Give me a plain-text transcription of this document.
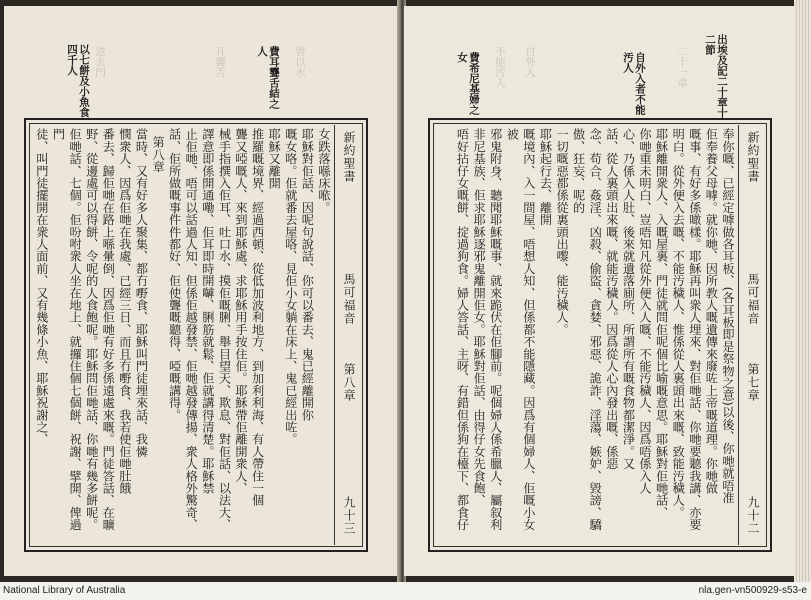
以七餅及小魚食四千人	費耳聾舌結之人
道去門	曾以水
耳聾舌
新約聖書
馬可福音
第八章
九十三
女跌落喺床𠵱。
耶穌對佢話、因呢句說話、你可以番去、鬼已經離開你
嘅女咯。佢就番去屋咯、見佢小女躺在床上、鬼已經出咗。
耶穌又離開
推羅嘅境界、經過西頓、從低加波利地方、到加利利海、有人帶住一個
聾又啞嘅人、來到耶穌處、求耶穌用手按住佢。耶穌帶佢離開衆人、
械手指撰入佢耳、吐口水、摸佢嘅脷、舉目望天、欺息、對佢話、以法大、
譯意即係開通嘞、佢耳即時開嚹、脷筋就鬆、佢就講得清楚。耶穌禁
止佢哋、唔可以話過人知、但係佢越發禁、佢哋越發傳揚、衆人格外驚奇、
話、佢所做嘅事件件都好、佢使聾嘅聽得、啞嘅講得。
第八章
當時、又有好多人聚集、都冇嘢食、耶穌叫門徒埋來話、我憐
憫衆人、因爲佢哋在我處、已經三日、而且冇嘢食、我若使佢哋肚餓
番去、歸佢哋在路上喺暈倒、因爲佢哋有好多係遠處來嘅。門徒答話、在曠
野、從邊處可以得餅、令呢的人食飽呢。耶穌問佢哋話、你哋有幾多餅呢。
佢哋話、七個。佢吩咐衆人坐在地上、就攞住個七個餅、祝謝、擘開、俾過門
徒、叫門徒擺開在衆人面前、又有幾條小魚、耶穌祝謝之、
出埃及記二十章十二節
自外入者不能汚人
費希尼基婦之女	二十一章
自外入
不能汚人
新約聖書
馬可福音
第七章
九十二
奉你嘅、已經定嘑做各耳板、(各耳板即是祭物之意)以後、你哋就唔准
佢奉養父母嘑。就你哋、因所教人嘅遺傳來廢咗上帝嘅道理。你哋做
嘅事、有好多係噉樣。耶穌再叫衆人埋來、對佢哋話、你哋要聽我講、亦要
明白。從外便入去嘅、不能汚穢人、惟係從人裏頭出來嘅、致能汚穢人。
耶穌離開衆人、入嘅屋裏、門徒就問佢呢個比喻嘅意思。耶穌對佢哋話、
你哋重未明白、豈唔知凡從外便入人嘅、不能汚穢人、因爲唔係入人
心、乃係入人肚、後來就遺落廁所、所謂所有嘅食物都潔淨。又
話、從人裏頭出來嘅、就能汚穢人。因爲從人心內發出嘅、係惡
念、苟合、姦淫、凶殺、偷盜、貪婪、邪惡、詭詐、淫蕩、嫉妒、毀謗、驕傲、狂妄、呢的
一切嘅惡都係從裏頭出嚟、能汚穢人。
耶穌起行去、離開
嘅境內、入一間屋、唔想人知、但係都不能隱藏。因爲有個婦人、佢嘅小女被
邪鬼附身、聽聞耶穌嘅事、就來跪伏在佢腳前。呢個婦人係希臘人、屬叙利
非尼基族、佢求耶穌逐邪鬼離開佢女。耶穌對佢話、由得仔女先食飽、
唔好拈仔女嘅餅、掟過狗食。婦人答話、主呀、有錯但係狗在檯下、都食仔
National Library of Australia	nla.gen-vn500929-s53-e
